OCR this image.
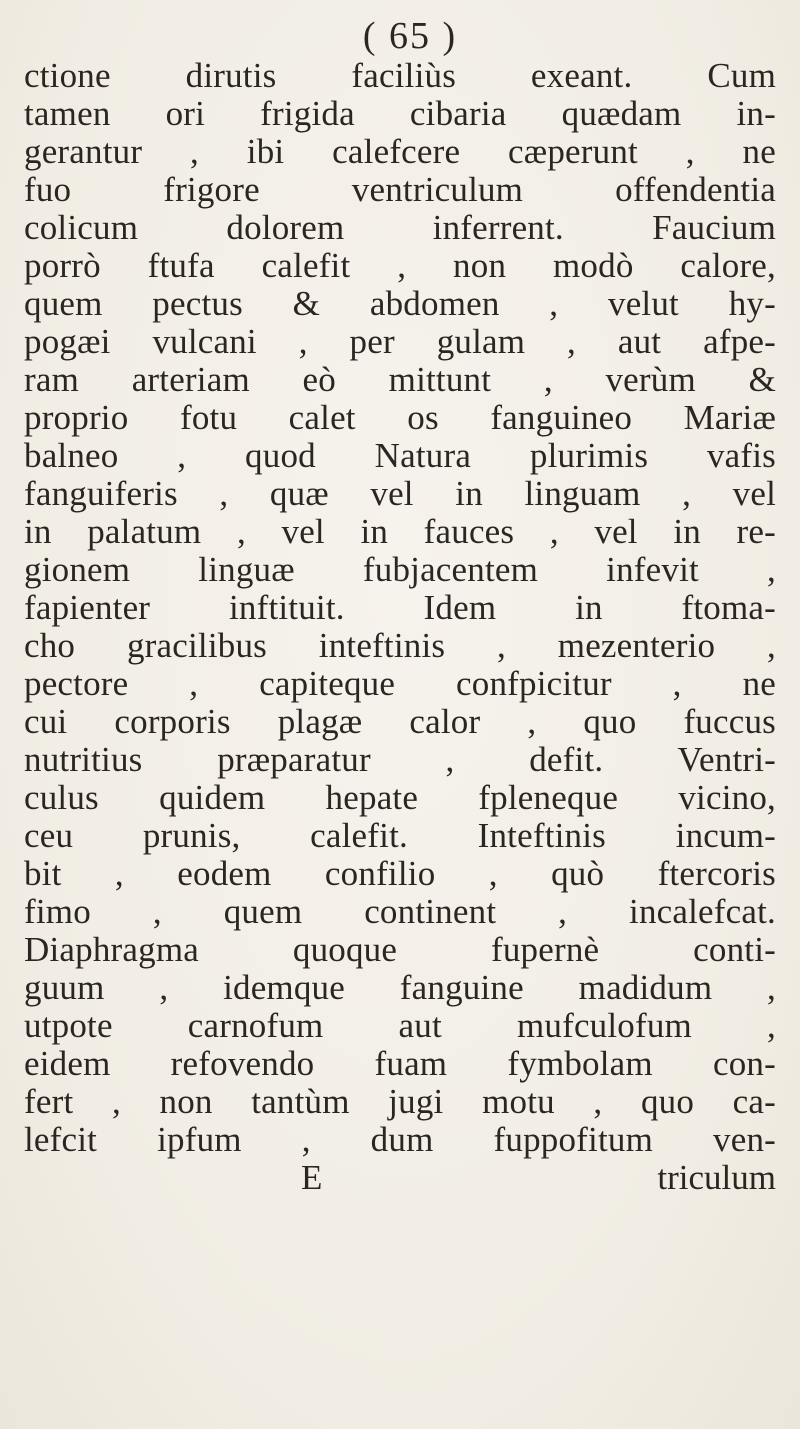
( 65 )
ctione dirutis faciliùs exeant. Cum
tamen ori frigida cibaria quædam in-
gerantur , ibi calefcere cæperunt , ne
fuo frigore ventriculum offendentia
colicum dolorem inferrent. Faucium
porrò ftufa calefit , non modò calore,
quem pectus & abdomen , velut hy-
pogæi vulcani , per gulam , aut afpe-
ram arteriam eò mittunt , verùm &
proprio fotu calet os fanguineo Mariæ
balneo , quod Natura plurimis vafis
fanguiferis , quæ vel in linguam , vel
in palatum , vel in fauces , vel in re-
gionem linguæ fubjacentem infevit ,
fapienter inftituit. Idem in ftoma-
cho gracilibus inteftinis , mezenterio ,
pectore , capiteque confpicitur , ne
cui corporis plagæ calor , quo fuccus
nutritius præparatur , defit. Ventri-
culus quidem hepate fpleneque vicino,
ceu prunis, calefit. Inteftinis incum-
bit , eodem confilio , quò ftercoris
fimo , quem continent , incalefcat.
Diaphragma quoque fupernè conti-
guum , idemque fanguine madidum ,
utpote carnofum aut mufculofum ,
eidem refovendo fuam fymbolam con-
fert , non tantùm jugi motu , quo ca-
lefcit ipfum , dum fuppofitum ven-
E	triculum
